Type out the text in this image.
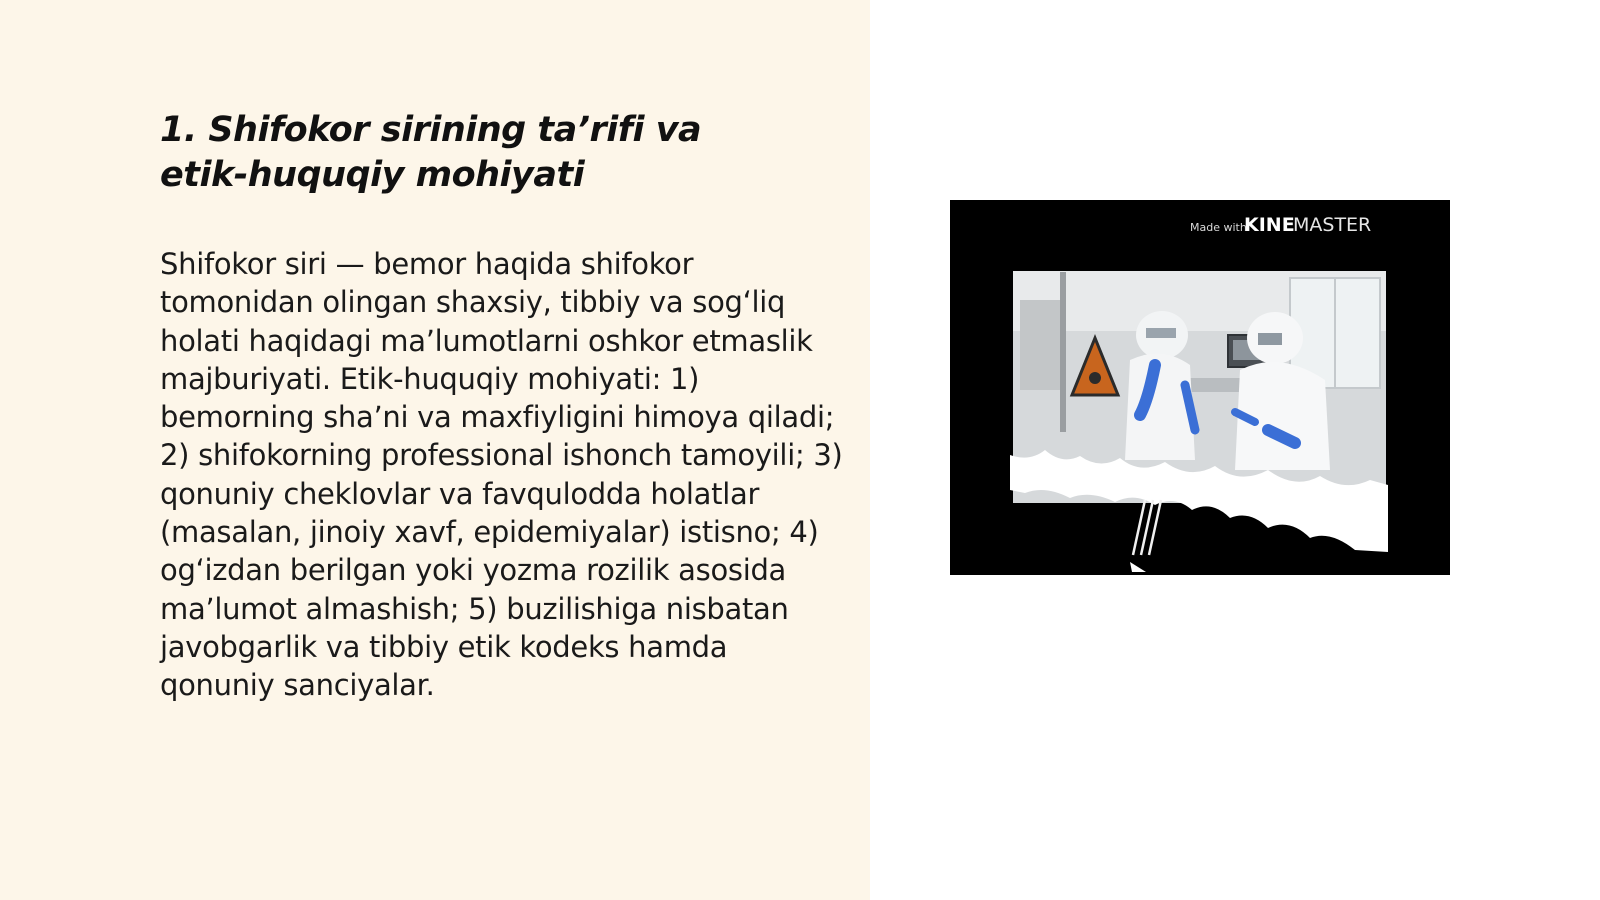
1. Shifokor sirining ta’rifi va etik-huquqiy mohiyati

Shifokor siri — bemor haqida shifokor tomonidan olingan shaxsiy, tibbiy va sog‘liq holati haqidagi ma’lumotlarni oshkor etmaslik majburiyati. Etik-huquqiy mohiyati: 1) bemorning sha’ni va maxfiyligini himoya qiladi; 2) shifokorning professional ishonch tamoyili; 3) qonuniy cheklovlar va favqulodda holatlar (masalan, jinoiy xavf, epidemiyalar) istisno; 4) og‘izdan berilgan yoki yozma rozilik asosida ma’lumot almashish; 5) buzilishiga nisbatan javobgarlik va tibbiy etik kodeks hamda qonuniy sanciyalar.

Made with
KINE
MASTER
